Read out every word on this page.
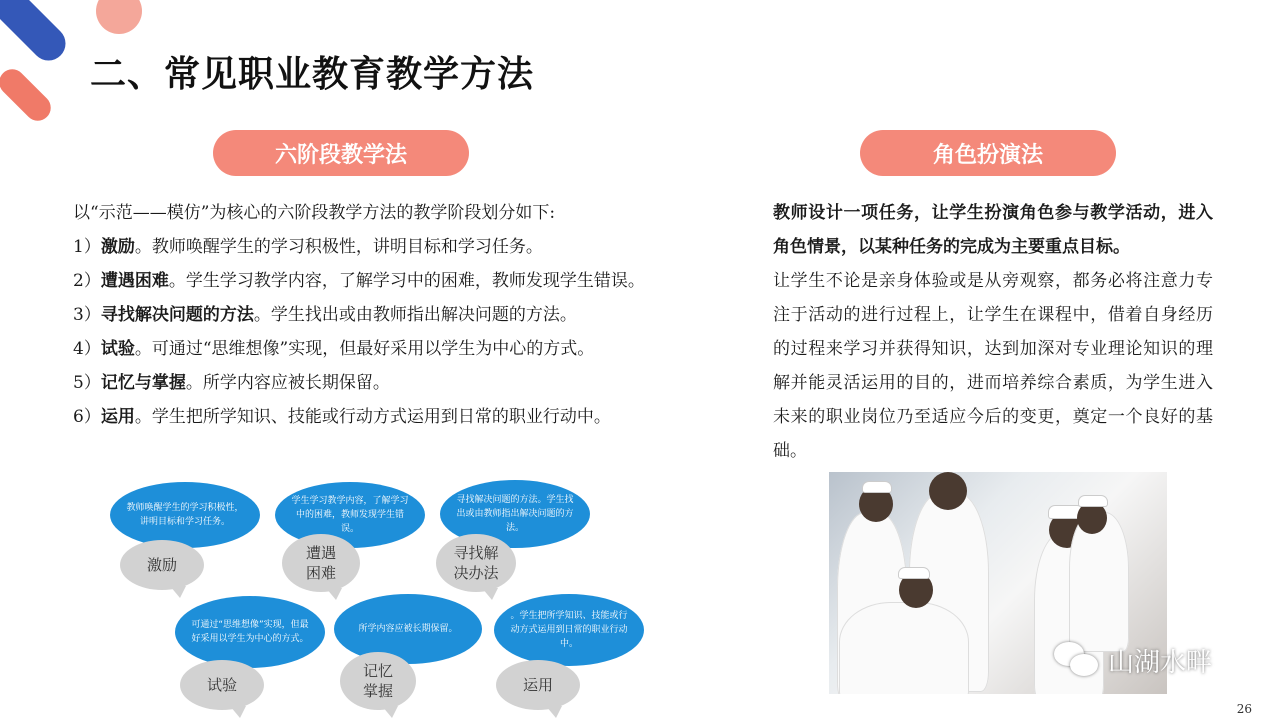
二、常见职业教育教学方法
六阶段教学法	角色扮演法

以“示范——模仿”为核心的六阶段教学方法的教学阶段划分如下:

1）激励。教师唤醒学生的学习积极性，讲明目标和学习任务。

2）遭遇困难。学生学习教学内容，了解学习中的困难，教师发现学生错误。

3）寻找解决问题的方法。学生找出或由教师指出解决问题的方法。

4）试验。可通过“思维想像”实现，但最好采用以学生为中心的方式。

5）记忆与掌握。所学内容应被长期保留。

6）运用。学生把所学知识、技能或行动方式运用到日常的职业行动中。

教师设计一项任务，让学生扮演角色参与教学活动，进入角色情景，以某种任务的完成为主要重点目标。

让学生不论是亲身体验或是从旁观察，都务必将注意力专注于活动的进行过程上，让学生在课程中，借着自身经历的过程来学习并获得知识，达到加深对专业理论知识的理解并能灵活运用的目的，进而培养综合素质，为学生进入未来的职业岗位乃至适应今后的变更，奠定一个良好的基础。

教师唤醒学生的学习积极性，讲明目标和学习任务。
激励
学生学习教学内容，了解学习中的困难，教师发现学生错误。
遭遇困难
寻找解决问题的方法。学生找出或由教师指出解决问题的方法。
寻找解决办法
可通过“思维想像”实现，但最好采用以学生为中心的方式。
试验
所学内容应被长期保留。
记忆掌握
。学生把所学知识、技能或行动方式运用到日常的职业行动中。
运用
山湖水畔
26
